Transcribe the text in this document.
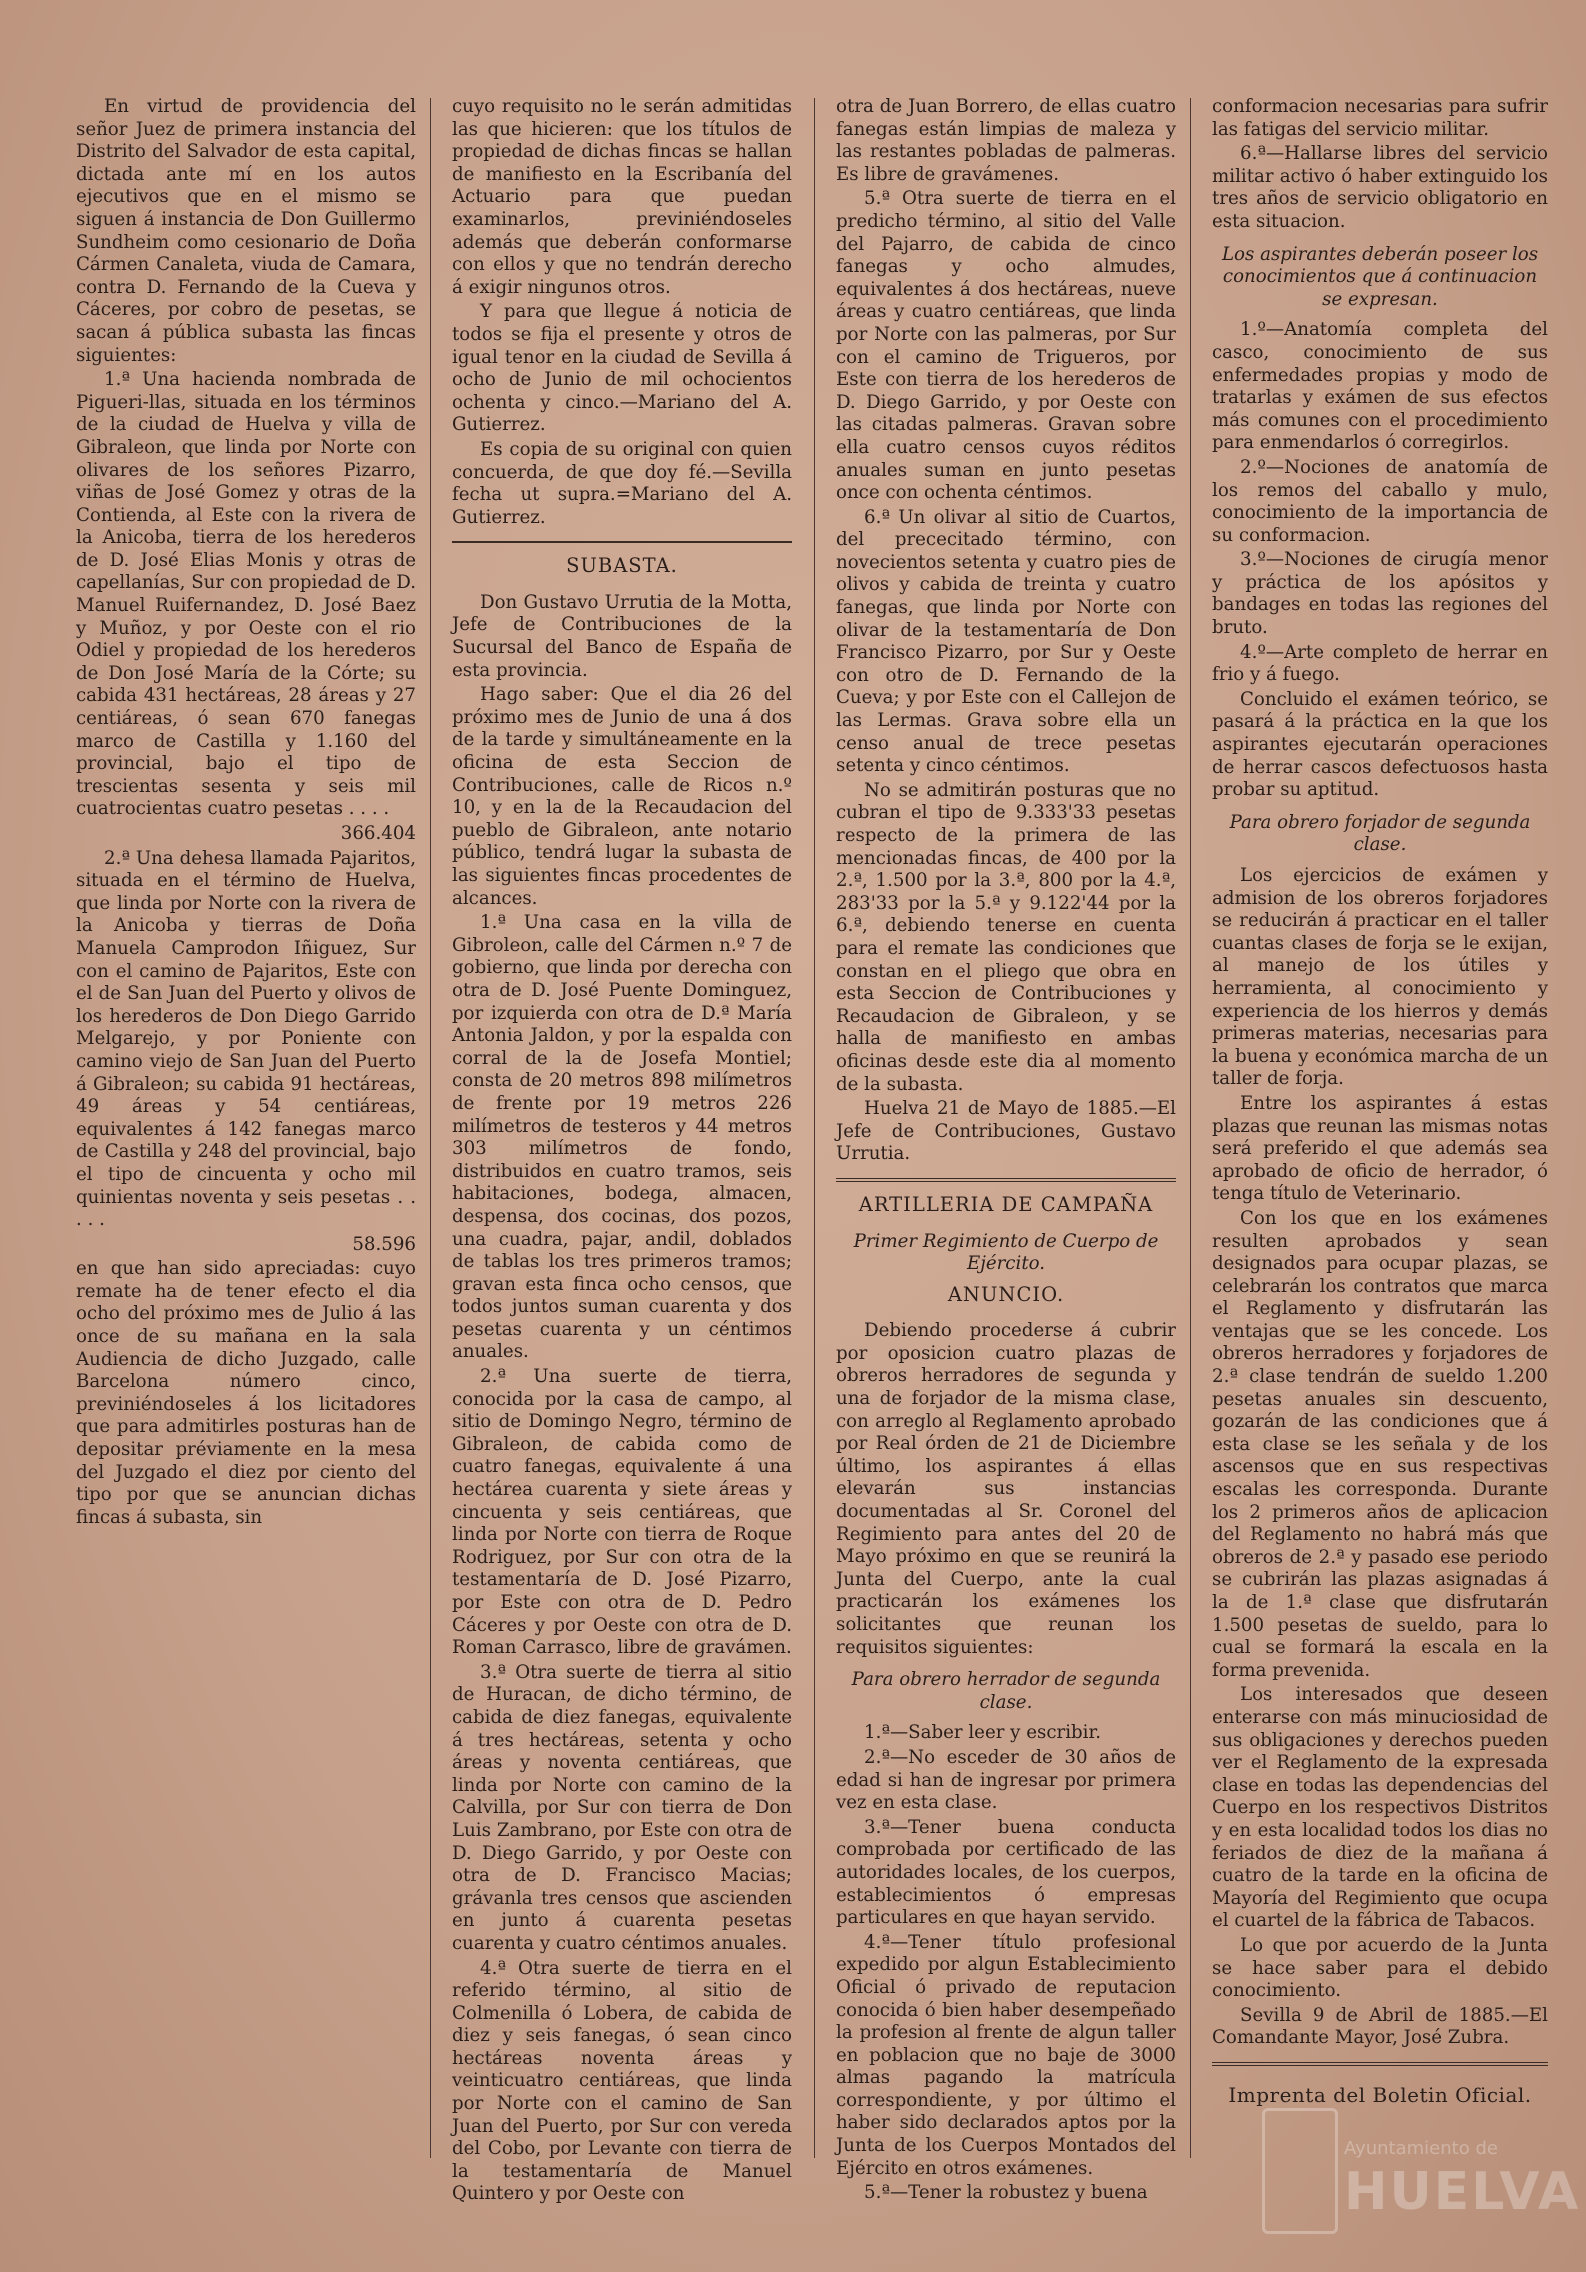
En virtud de providencia del señor Juez de primera instancia del Distrito del Salvador de esta capital, dictada ante mí en los autos ejecutivos que en el mismo se siguen á instancia de Don Guillermo Sundheim como cesionario de Doña Cármen Canaleta, viuda de Camara, contra D. Fernando de la Cueva y Cáceres, por cobro de pesetas, se sacan á pública subasta las fincas siguientes:

1.ª Una hacienda nombrada de Pigueri-llas, situada en los términos de la ciudad de Huelva y villa de Gibraleon, que linda por Norte con olivares de los señores Pizarro, viñas de José Gomez y otras de la Contienda, al Este con la rivera de la Anicoba, tierra de los herederos de D. José Elias Monis y otras de capellanías, Sur con propiedad de D. Manuel Ruifernandez, D. José Baez y Muñoz, y por Oeste con el rio Odiel y propiedad de los herederos de Don José María de la Córte; su cabida 431 hectáreas, 28 áreas y 27 centiáreas, ó sean 670 fanegas marco de Castilla y 1.160 del provincial, bajo el tipo de trescientas sesenta y seis mil cuatrocientas cuatro pesetas . . . .

366.404

2.ª Una dehesa llamada Pajaritos, situada en el término de Huelva, que linda por Norte con la rivera de la Anicoba y tierras de Doña Manuela Camprodon Iñiguez, Sur con el camino de Pajaritos, Este con el de San Juan del Puerto y olivos de los herederos de Don Diego Garrido Melgarejo, y por Poniente con camino viejo de San Juan del Puerto á Gibraleon; su cabida 91 hectáreas, 49 áreas y 54 centiáreas, equivalentes á 142 fanegas marco de Castilla y 248 del provincial, bajo el tipo de cincuenta y ocho mil quinientas noventa y seis pesetas . . . . .

58.596

en que han sido apreciadas: cuyo remate ha de tener efecto el dia ocho del próximo mes de Julio á las once de su mañana en la sala Audiencia de dicho Juzgado, calle Barcelona número cinco, previniéndoseles á los licitadores que para admitirles posturas han de depositar préviamente en la mesa del Juzgado el diez por ciento del tipo por que se anuncian dichas fincas á subasta, sin

cuyo requisito no le serán admitidas las que hicieren: que los títulos de propiedad de dichas fincas se hallan de manifiesto en la Escribanía del Actuario para que puedan examinarlos, previniéndoseles además que deberán conformarse con ellos y que no tendrán derecho á exigir ningunos otros.

Y para que llegue á noticia de todos se fija el presente y otros de igual tenor en la ciudad de Sevilla á ocho de Junio de mil ochocientos ochenta y cinco.—Mariano del A. Gutierrez.

Es copia de su original con quien concuerda, de que doy fé.—Sevilla fecha ut supra.=Mariano del A. Gutierrez.

SUBASTA.

Don Gustavo Urrutia de la Motta, Jefe de Contribuciones de la Sucursal del Banco de España de esta provincia.

Hago saber: Que el dia 26 del próximo mes de Junio de una á dos de la tarde y simultáneamente en la oficina de esta Seccion de Contribuciones, calle de Ricos n.º 10, y en la de la Recaudacion del pueblo de Gibraleon, ante notario público, tendrá lugar la subasta de las siguientes fincas procedentes de alcances.

1.ª Una casa en la villa de Gibroleon, calle del Cármen n.º 7 de gobierno, que linda por derecha con otra de D. José Puente Dominguez, por izquierda con otra de D.ª María Antonia Jaldon, y por la espalda con corral de la de Josefa Montiel; consta de 20 metros 898 milímetros de frente por 19 metros 226 milímetros de testeros y 44 metros 303 milímetros de fondo, distribuidos en cuatro tramos, seis habitaciones, bodega, almacen, despensa, dos cocinas, dos pozos, una cuadra, pajar, andil, doblados de tablas los tres primeros tramos; gravan esta finca ocho censos, que todos juntos suman cuarenta y dos pesetas cuarenta y un céntimos anuales.

2.ª Una suerte de tierra, conocida por la casa de campo, al sitio de Domingo Negro, término de Gibraleon, de cabida como de cuatro fanegas, equivalente á una hectárea cuarenta y siete áreas y cincuenta y seis centiáreas, que linda por Norte con tierra de Roque Rodriguez, por Sur con otra de la testamentaría de D. José Pizarro, por Este con otra de D. Pedro Cáceres y por Oeste con otra de D. Roman Carrasco, libre de gravámen.

3.ª Otra suerte de tierra al sitio de Huracan, de dicho término, de cabida de diez fanegas, equivalente á tres hectáreas, setenta y ocho áreas y noventa centiáreas, que linda por Norte con camino de la Calvilla, por Sur con tierra de Don Luis Zambrano, por Este con otra de D. Diego Garrido, y por Oeste con otra de D. Francisco Macias; grávanla tres censos que ascienden en junto á cuarenta pesetas cuarenta y cuatro céntimos anuales.

4.ª Otra suerte de tierra en el referido término, al sitio de Colmenilla ó Lobera, de cabida de diez y seis fanegas, ó sean cinco hectáreas noventa áreas y veinticuatro centiáreas, que linda por Norte con el camino de San Juan del Puerto, por Sur con vereda del Cobo, por Levante con tierra de la testamentaría de Manuel Quintero y por Oeste con

otra de Juan Borrero, de ellas cuatro fanegas están limpias de maleza y las restantes pobladas de palmeras. Es libre de gravámenes.

5.ª Otra suerte de tierra en el predicho término, al sitio del Valle del Pajarro, de cabida de cinco fanegas y ocho almudes, equivalentes á dos hectáreas, nueve áreas y cuatro centiáreas, que linda por Norte con las palmeras, por Sur con el camino de Trigueros, por Este con tierra de los herederos de D. Diego Garrido, y por Oeste con las citadas palmeras. Gravan sobre ella cuatro censos cuyos réditos anuales suman en junto pesetas once con ochenta céntimos.

6.ª Un olivar al sitio de Cuartos, del prececitado término, con novecientos setenta y cuatro pies de olivos y cabida de treinta y cuatro fanegas, que linda por Norte con olivar de la testamentaría de Don Francisco Pizarro, por Sur y Oeste con otro de D. Fernando de la Cueva; y por Este con el Callejon de las Lermas. Grava sobre ella un censo anual de trece pesetas setenta y cinco céntimos.

No se admitirán posturas que no cubran el tipo de 9.333'33 pesetas respecto de la primera de las mencionadas fincas, de 400 por la 2.ª, 1.500 por la 3.ª, 800 por la 4.ª, 283'33 por la 5.ª y 9.122'44 por la 6.ª, debiendo tenerse en cuenta para el remate las condiciones que constan en el pliego que obra en esta Seccion de Contribuciones y Recaudacion de Gibraleon, y se halla de manifiesto en ambas oficinas desde este dia al momento de la subasta.

Huelva 21 de Mayo de 1885.—El Jefe de Contribuciones, Gustavo Urrutia.

ARTILLERIA DE CAMPAÑA

Primer Regimiento de Cuerpo de Ejército.

ANUNCIO.

Debiendo procederse á cubrir por oposicion cuatro plazas de obreros herradores de segunda y una de forjador de la misma clase, con arreglo al Reglamento aprobado por Real órden de 21 de Diciembre último, los aspirantes á ellas elevarán sus instancias documentadas al Sr. Coronel del Regimiento para antes del 20 de Mayo próximo en que se reunirá la Junta del Cuerpo, ante la cual practicarán los exámenes los solicitantes que reunan los requisitos siguientes:

Para obrero herrador de segunda clase.

1.ª—Saber leer y escribir.

2.ª—No esceder de 30 años de edad si han de ingresar por primera vez en esta clase.

3.ª—Tener buena conducta comprobada por certificado de las autoridades locales, de los cuerpos, establecimientos ó empresas particulares en que hayan servido.

4.ª—Tener título profesional expedido por algun Establecimiento Oficial ó privado de reputacion conocida ó bien haber desempeñado la profesion al frente de algun taller en poblacion que no baje de 3000 almas pagando la matrícula correspondiente, y por último el haber sido declarados aptos por la Junta de los Cuerpos Montados del Ejército en otros exámenes.

5.ª—Tener la robustez y buena

conformacion necesarias para sufrir las fatigas del servicio militar.

6.ª—Hallarse libres del servicio militar activo ó haber extinguido los tres años de servicio obligatorio en esta situacion.

Los aspirantes deberán poseer los conocimientos que á continuacion se expresan.

1.º—Anatomía completa del casco, conocimiento de sus enfermedades propias y modo de tratarlas y exámen de sus efectos más comunes con el procedimiento para enmendarlos ó corregirlos.

2.º—Nociones de anatomía de los remos del caballo y mulo, conocimiento de la importancia de su conformacion.

3.º—Nociones de cirugía menor y práctica de los apósitos y bandages en todas las regiones del bruto.

4.º—Arte completo de herrar en frio y á fuego.

Concluido el exámen teórico, se pasará á la práctica en la que los aspirantes ejecutarán operaciones de herrar cascos defectuosos hasta probar su aptitud.

Para obrero forjador de segunda clase.

Los ejercicios de exámen y admision de los obreros forjadores se reducirán á practicar en el taller cuantas clases de forja se le exijan, al manejo de los útiles y herramienta, al conocimiento y experiencia de los hierros y demás primeras materias, necesarias para la buena y económica marcha de un taller de forja.

Entre los aspirantes á estas plazas que reunan las mismas notas será preferido el que además sea aprobado de oficio de herrador, ó tenga título de Veterinario.

Con los que en los exámenes resulten aprobados y sean designados para ocupar plazas, se celebrarán los contratos que marca el Reglamento y disfrutarán las ventajas que se les concede. Los obreros herradores y forjadores de 2.ª clase tendrán de sueldo 1.200 pesetas anuales sin descuento, gozarán de las condiciones que á esta clase se les señala y de los ascensos que en sus respectivas escalas les corresponda. Durante los 2 primeros años de aplicacion del Reglamento no habrá más que obreros de 2.ª y pasado ese periodo se cubrirán las plazas asignadas á la de 1.ª clase que disfrutarán 1.500 pesetas de sueldo, para lo cual se formará la escala en la forma prevenida.

Los interesados que deseen enterarse con más minuciosidad de sus obligaciones y derechos pueden ver el Reglamento de la expresada clase en todas las dependencias del Cuerpo en los respectivos Distritos y en esta localidad todos los dias no feriados de diez de la mañana á cuatro de la tarde en la oficina de Mayoría del Regimiento que ocupa el cuartel de la fábrica de Tabacos.

Lo que por acuerdo de la Junta se hace saber para el debido conocimiento.

Sevilla 9 de Abril de 1885.—El Comandante Mayor, José Zubra.

Imprenta del Boletin Oficial.

Ayuntamiento de
HUELVA
